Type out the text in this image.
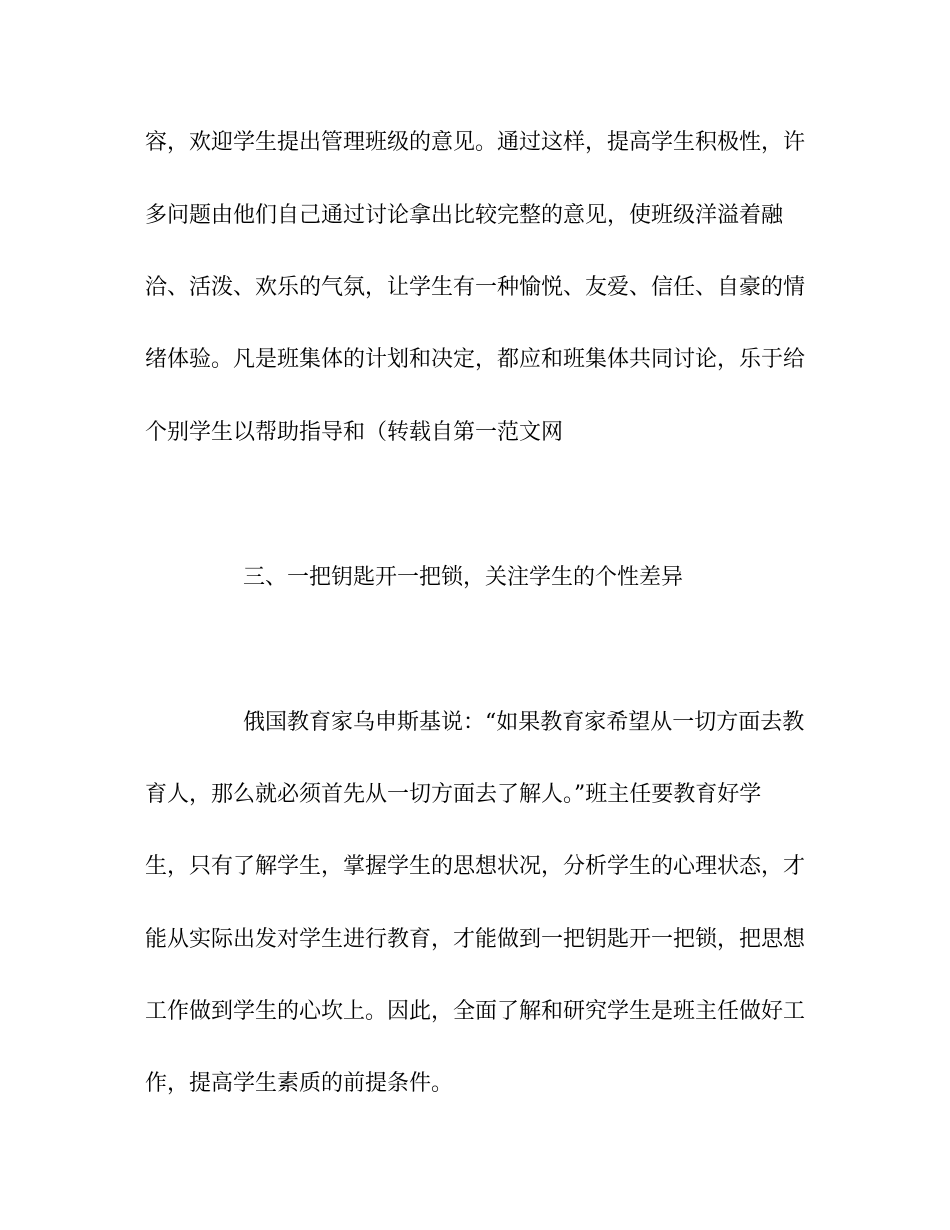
容，欢迎学生提出管理班级的意见。通过这样，提高学生积极性，许
多问题由他们自己通过讨论拿出比较完整的意见，使班级洋溢着融
洽、活泼、欢乐的气氛，让学生有一种愉悦、友爱、信任、自豪的情
绪体验。凡是班集体的计划和决定，都应和班集体共同讨论，乐于给
个别学生以帮助指导和（转载自第一范文网
三、一把钥匙开一把锁，关注学生的个性差异
俄国教育家乌申斯基说：“如果教育家希望从一切方面去教
育人，那么就必须首先从一切方面去了解人。”班主任要教育好学
生，只有了解学生，掌握学生的思想状况，分析学生的心理状态，才
能从实际出发对学生进行教育，才能做到一把钥匙开一把锁，把思想
工作做到学生的心坎上。因此，全面了解和研究学生是班主任做好工
作，提高学生素质的前提条件。
